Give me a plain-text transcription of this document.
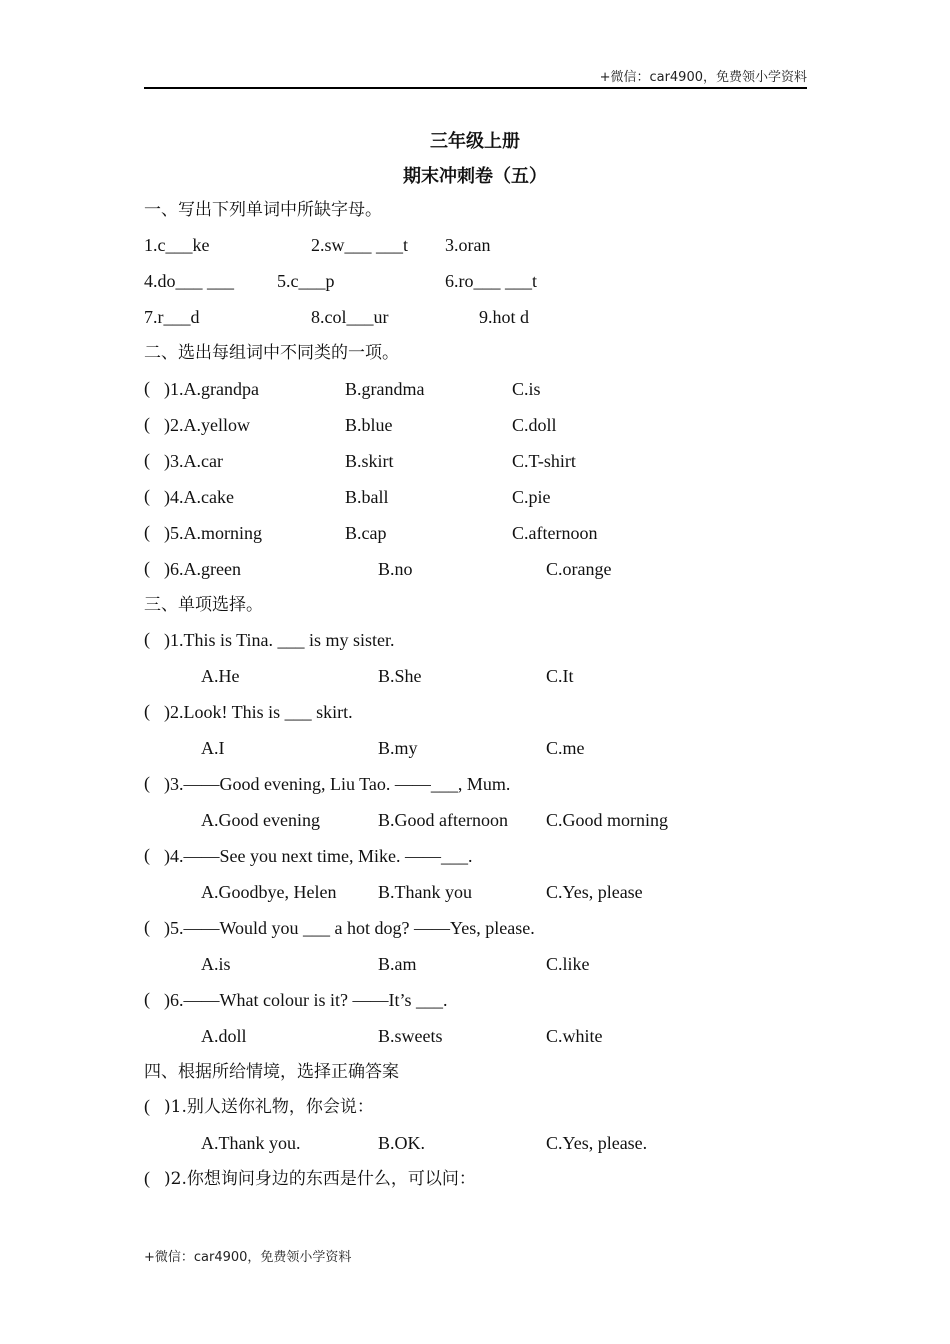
+微信：car4900，免费领小学资料
三年级上册
期末冲刺卷（五）
一、写出下列单词中所缺字母。
1.c___ke	2.sw___ ___t 3.oran
4.do___ ___ 5.c___p	6.ro___ ___t
7.r___d	8.col___ur	9.hot d
二、选出每组词中不同类的一项。
( )1.A.grandpa	B.grandma	C.is
( )2.A.yellow	B.blue	C.doll
( )3.A.car	B.skirt	C.T-shirt
( )4.A.cake	B.ball	C.pie
( )5.A.morning	B.cap	C.afternoon
( )6.A.green	B.no	C.orange
三、单项选择。
( )1.This is Tina. ___ is my sister.
A.He	B.She	C.It
( )2.Look! This is ___ skirt.
A.I	B.my	C.me
( )3.——Good evening, Liu Tao. ——___, Mum.
A.Good evening	B.Good afternoon C.Good morning
( )4.——See you next time, Mike. ——___.
A.Goodbye, Helen B.Thank you	C.Yes, please
( )5.——Would you ___ a hot dog? ——Yes, please.
A.is	B.am	C.like
( )6.——What colour is it? ——It’s ___.
A.doll	B.sweets	C.white
四、根据所给情境，选择正确答案
( )1.别人送你礼物，你会说：
A.Thank you.	B.OK.	C.Yes, please.
( )2.你想询问身边的东西是什么，可以问：
+微信：car4900，免费领小学资料
